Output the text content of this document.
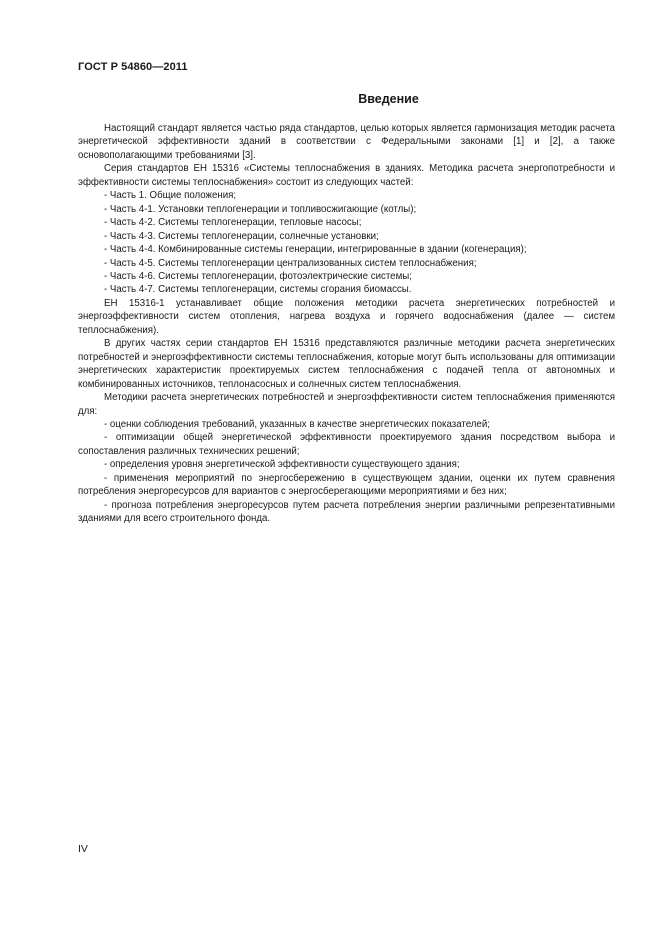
ГОСТ Р 54860—2011
Введение

Настоящий стандарт является частью ряда стандартов, целью которых является гармонизация методик расчета энергетической эффективности зданий в соответствии с Федеральными законами [1] и [2], а также основополагающими требованиями [3].

Серия стандартов ЕН 15316 «Системы теплоснабжения в зданиях. Методика расчета энергопотребности и эффективности системы теплоснабжения» состоит из следующих частей:

- Часть 1. Общие положения;

- Часть 4-1. Установки теплогенерации и топливосжигающие (котлы);

- Часть 4-2. Системы теплогенерации, тепловые насосы;

- Часть 4-3. Системы теплогенерации, солнечные установки;

- Часть 4-4. Комбинированные системы генерации, интегрированные в здании (когенерация);

- Часть 4-5. Системы теплогенерации централизованных систем теплоснабжения;

- Часть 4-6. Системы теплогенерации, фотоэлектрические системы;

- Часть 4-7. Системы теплогенерации, системы сгорания биомассы.

ЕН 15316-1 устанавливает общие положения методики расчета энергетических потребностей и энергоэффективности систем отопления, нагрева воздуха и горячего водоснабжения (далее — систем теплоснабжения).

В других частях серии стандартов ЕН 15316 представляются различные методики расчета энергетических потребностей и энергоэффективности системы теплоснабжения, которые могут быть использованы для оптимизации энергетических характеристик проектируемых систем теплоснабжения с подачей тепла от автономных и комбинированных источников, теплонасосных и солнечных систем теплоснабжения.

Методики расчета энергетических потребностей и энергоэффективности систем теплоснабжения применяются для:

- оценки соблюдения требований, указанных в качестве энергетических показателей;

- оптимизации общей энергетической эффективности проектируемого здания посредством выбора и сопоставления различных технических решений;

- определения уровня энергетической эффективности существующего здания;

- применения мероприятий по энергосбережению в существующем здании, оценки их путем сравнения потребления энергоресурсов для вариантов с энергосберегающими мероприятиями и без них;

- прогноза потребления энергоресурсов путем расчета потребления энергии различными репрезентативными зданиями для всего строительного фонда.

IV
